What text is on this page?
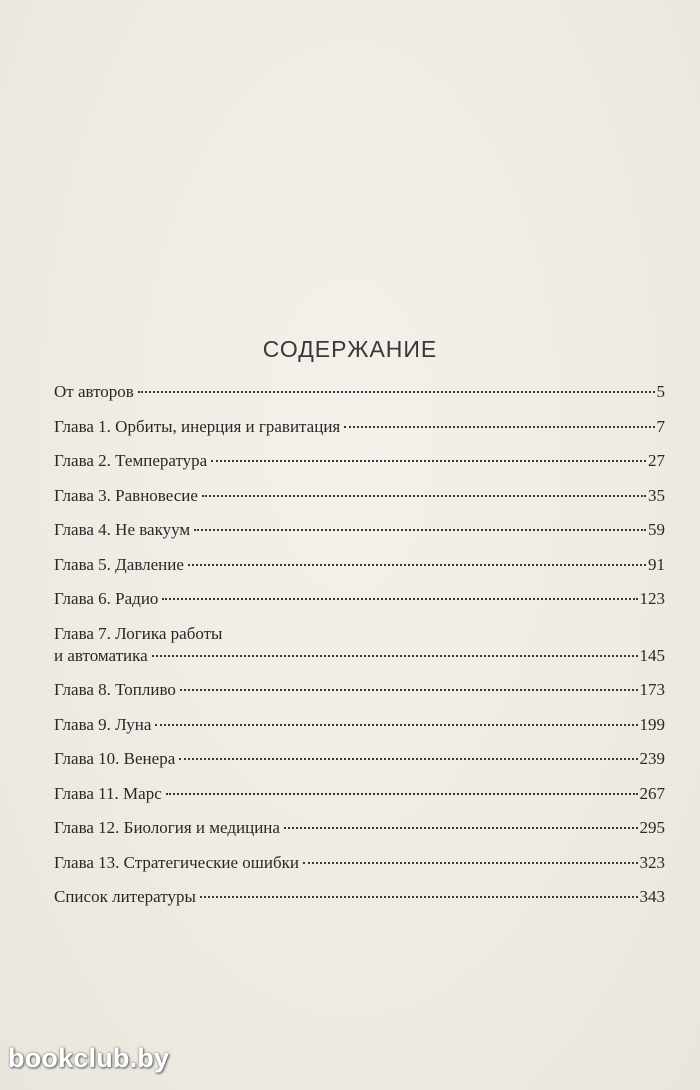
СОДЕРЖАНИЕ
От авторов	5
Глава 1. Орбиты, инерция и гравитация	7
Глава 2. Температура	27
Глава 3. Равновесие	35
Глава 4. Не вакуум	59
Глава 5. Давление	91
Глава 6. Радио	123
Глава 7. Логика работы
и автоматика	145
Глава 8. Топливо	173
Глава 9. Луна	199
Глава 10. Венера	239
Глава 11. Марс	267
Глава 12. Биология и медицина	295
Глава 13. Стратегические ошибки	323
Список литературы	343
bookclub.by
